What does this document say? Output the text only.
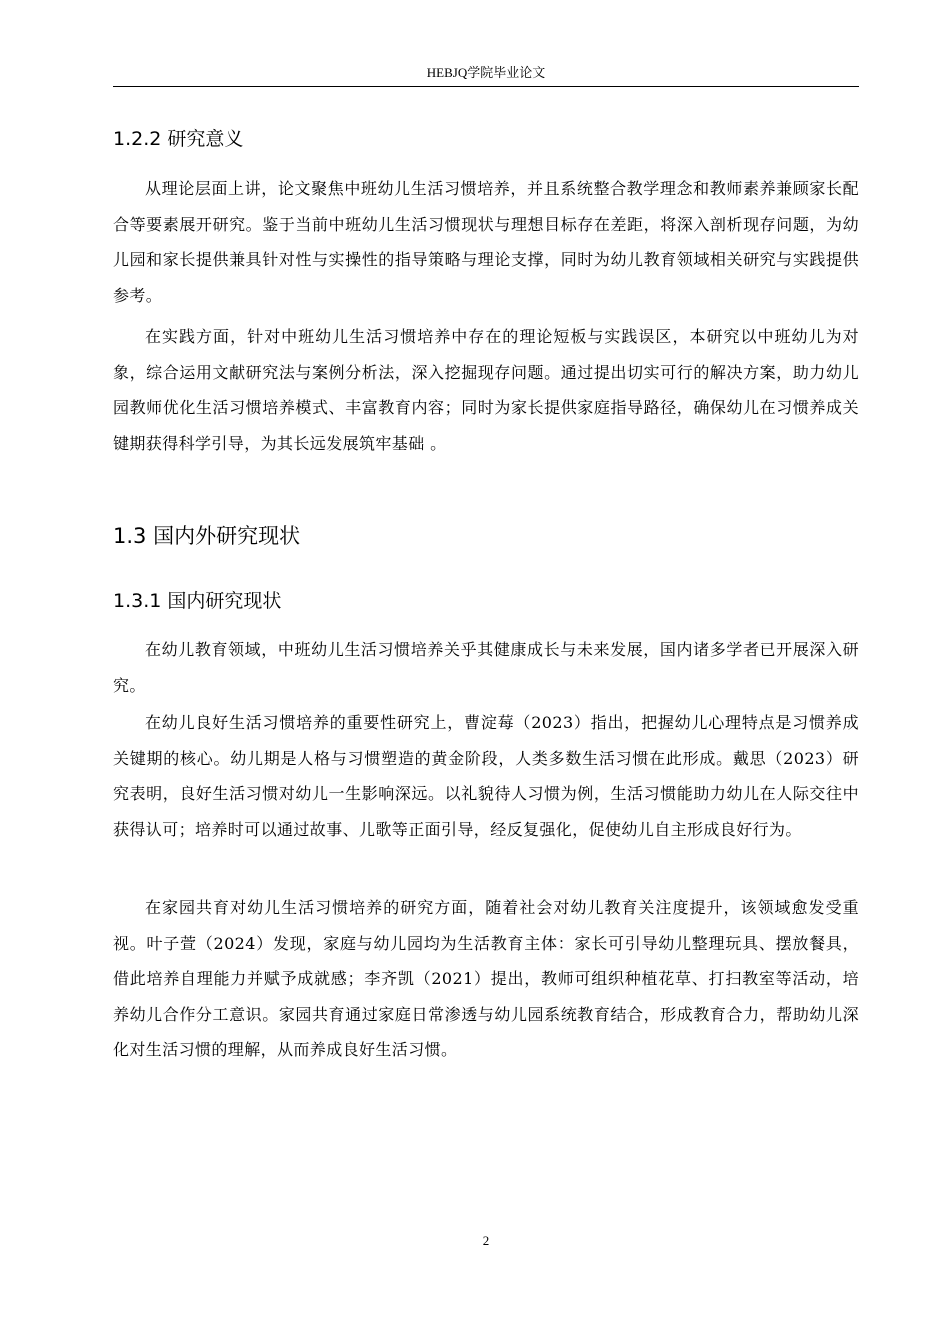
HEBJQ学院毕业论文
1.2.2 研究意义

从理论层面上讲，论文聚焦中班幼儿生活习惯培养，并且系统整合教学理念和教师素养兼顾家长配合等要素展开研究。鉴于当前中班幼儿生活习惯现状与理想目标存在差距，将深入剖析现存问题，为幼儿园和家长提供兼具针对性与实操性的指导策略与理论支撑，同时为幼儿教育领域相关研究与实践提供参考。

在实践方面，针对中班幼儿生活习惯培养中存在的理论短板与实践误区，本研究以中班幼儿为对象，综合运用文献研究法与案例分析法，深入挖掘现存问题。通过提出切实可行的解决方案，助力幼儿园教师优化生活习惯培养模式、丰富教育内容；同时为家长提供家庭指导路径，确保幼儿在习惯养成关键期获得科学引导，为其长远发展筑牢基础 。

1.3 国内外研究现状
1.3.1 国内研究现状

在幼儿教育领域，中班幼儿生活习惯培养关乎其健康成长与未来发展，国内诸多学者已开展深入研究。

在幼儿良好生活习惯培养的重要性研究上，曹淀莓（2023）指出，把握幼儿心理特点是习惯养成关键期的核心。幼儿期是人格与习惯塑造的黄金阶段，人类多数生活习惯在此形成。戴思（2023）研究表明，良好生活习惯对幼儿一生影响深远。以礼貌待人习惯为例，生活习惯能助力幼儿在人际交往中获得认可；培养时可以通过故事、儿歌等正面引导，经反复强化，促使幼儿自主形成良好行为。

在家园共育对幼儿生活习惯培养的研究方面，随着社会对幼儿教育关注度提升，该领域愈发受重视。叶子萱（2024）发现，家庭与幼儿园均为生活教育主体：家长可引导幼儿整理玩具、摆放餐具，借此培养自理能力并赋予成就感；李齐凯（2021）提出，教师可组织种植花草、打扫教室等活动，培养幼儿合作分工意识。家园共育通过家庭日常渗透与幼儿园系统教育结合，形成教育合力，帮助幼儿深化对生活习惯的理解，从而养成良好生活习惯。

2
